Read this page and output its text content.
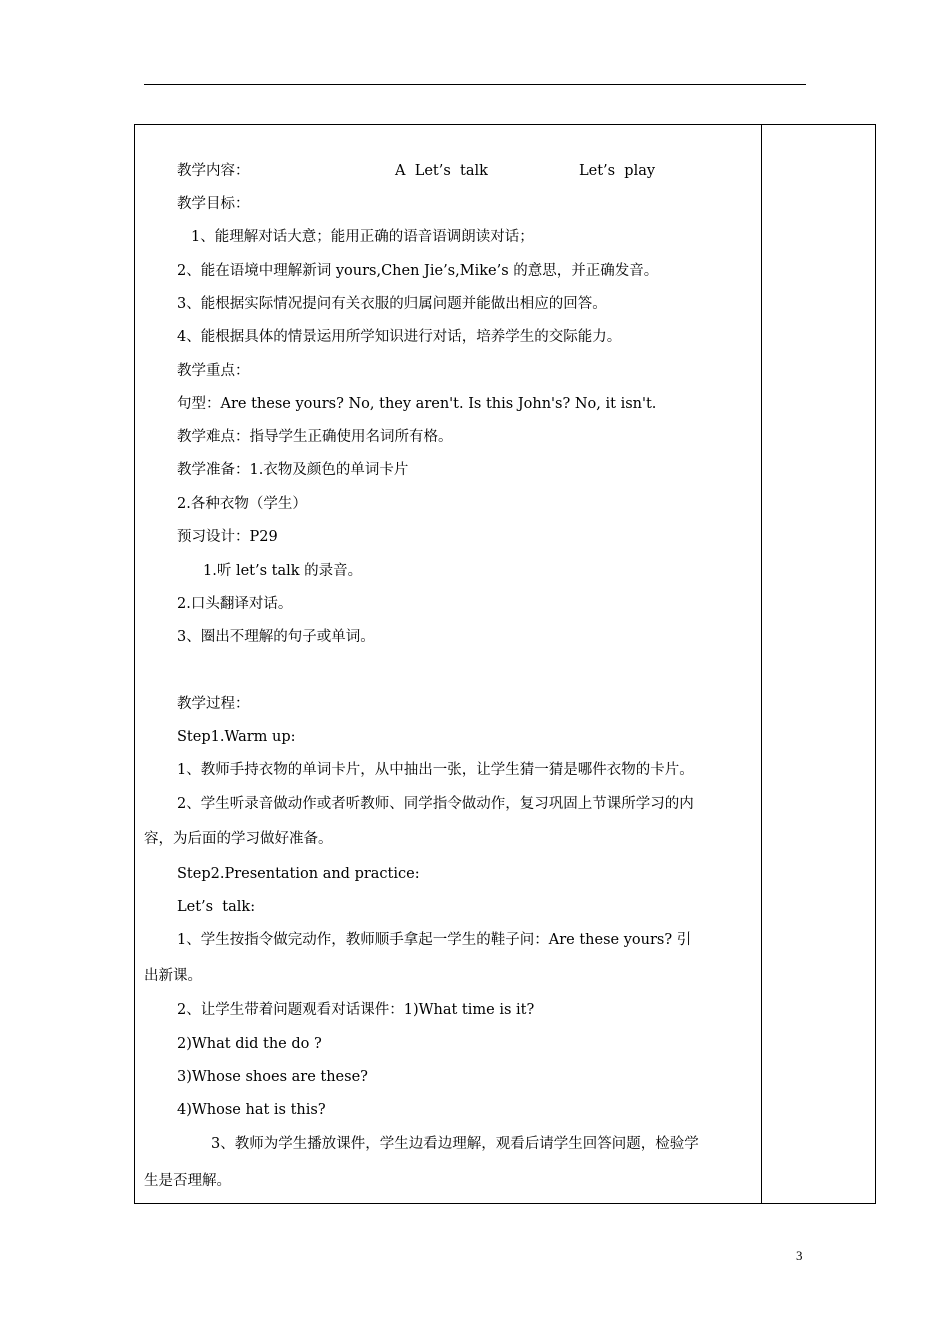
教学内容：	A  Let’s  talk	Let’s  play
教学目标：
1、能理解对话大意；能用正确的语音语调朗读对话；
2、能在语境中理解新词 yours,Chen Jie’s,Mike’s 的意思，并正确发音。
3、能根据实际情况提问有关衣服的归属问题并能做出相应的回答。
4、能根据具体的情景运用所学知识进行对话，培养学生的交际能力。
教学重点：
句型：Are these yours? No, they aren't. Is this John's? No, it isn't.
教学难点：指导学生正确使用名词所有格。
教学准备：1.衣物及颜色的单词卡片
2.各种衣物（学生）
预习设计：P29
1.听 let’s talk 的录音。
2.口头翻译对话。
3、圈出不理解的句子或单词。
教学过程：
Step1.Warm up:
1、教师手持衣物的单词卡片，从中抽出一张，让学生猜一猜是哪件衣物的卡片。
2、学生听录音做动作或者听教师、同学指令做动作，复习巩固上节课所学习的内
容，为后面的学习做好准备。
Step2.Presentation and practice:
Let’s  talk:
1、学生按指令做完动作，教师顺手拿起一学生的鞋子问：Are these yours? 引
出新课。
2、让学生带着问题观看对话课件：1)What time is it?
2)What did the do ?
3)Whose shoes are these?
4)Whose hat is this?
3、教师为学生播放课件，学生边看边理解，观看后请学生回答问题，检验学
生是否理解。
3
